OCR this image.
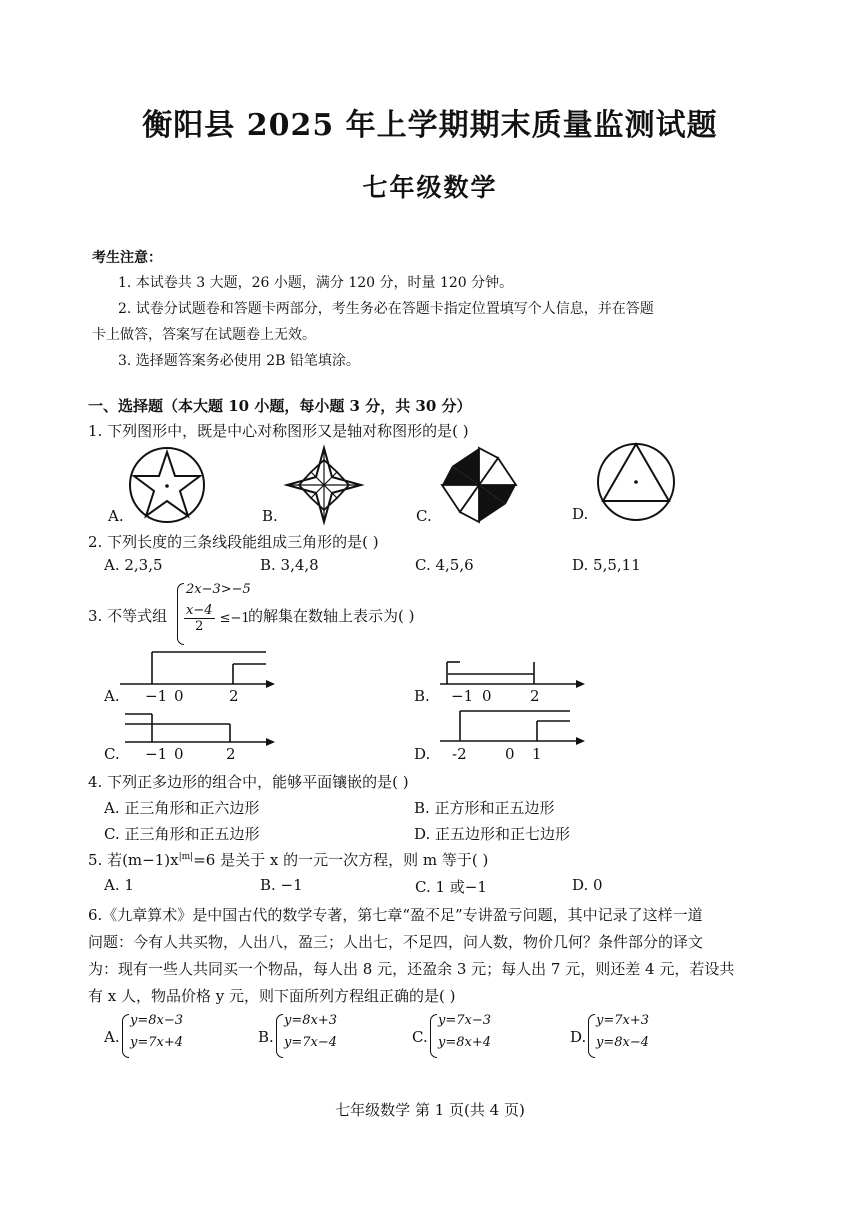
衡阳县 2025 年上学期期末质量监测试题
七年级数学
考生注意：
1. 本试卷共 3 大题，26 小题，满分 120 分，时量 120 分钟。
2. 试卷分试题卷和答题卡两部分，考生务必在答题卡指定位置填写个人信息，并在答题
卡上做答，答案写在试题卷上无效。
3. 选择题答案务必使用 2B 铅笔填涂。
一、选择题（本大题 10 小题，每小题 3 分，共 30 分）
1. 下列图形中，既是中心对称图形又是轴对称图形的是( )
A.	B.	C.	D.
2. 下列长度的三条线段能组成三角形的是( )
A. 2,3,5	B. 3,4,8	C. 4,5,6	D. 5,5,11
3. 不等式组
2x−3>−5
$\frac{x-4}{2} \le-1$
的解集在数轴上表示为( )
A. −1 0	2	B. −1 0	2
C. −1 0	2	D. -2	0 1
4. 下列正多边形的组合中，能够平面镶嵌的是( )
A. 正三角形和正六边形	B. 正方形和正五边形
C. 正三角形和正五边形	D. 正五边形和正七边形
5. 若$(m-1)x^{|m|}=6$ 是关于 x 的一元一次方程，则 m 等于( )
A. 1	B. −1	C. 1 或−1	D. 0
6.《九章算术》是中国古代的数学专著，第七章“盈不足”专讲盈亏问题，其中记录了这样一道
问题：今有人共买物，人出八，盈三；人出七，不足四，问人数，物价几何？条件部分的译文
为：现有一些人共同买一个物品，每人出 8 元，还盈余 3 元；每人出 7 元，则还差 4 元，若设共
有 x 人，物品价格 y 元，则下面所列方程组正确的是( )
A.
y=8x−3
y=7x+4	B.
y=8x+3
y=7x−4	C.
y=7x−3
y=8x+4	D.
y=7x+3
y=8x−4
七年级数学 第 1 页(共 4 页)
